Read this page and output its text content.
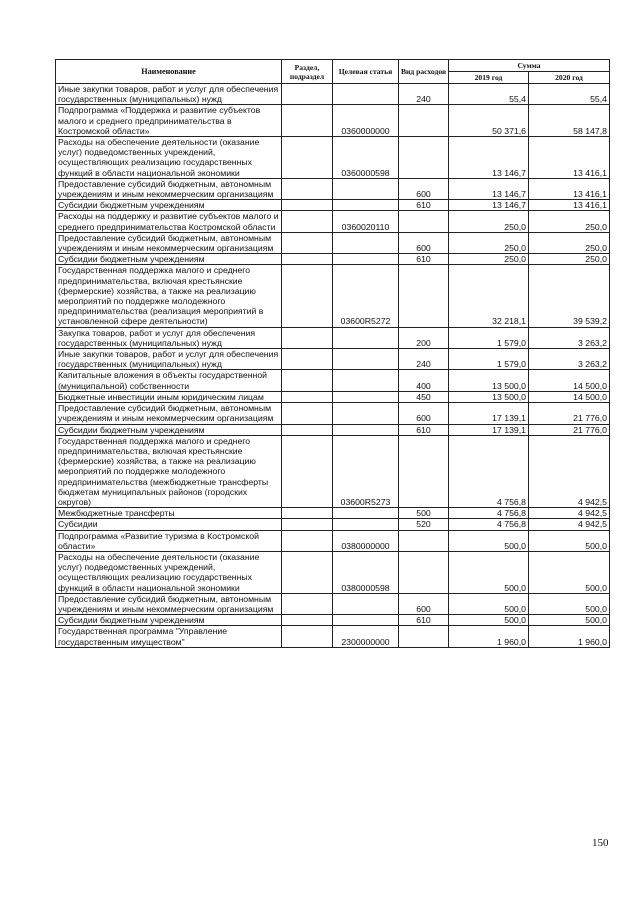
Наименование	Раздел, подраздел	Целевая статья	Вид расходов	Сумма	
				2019 год	2020 год
Иные закупки товаров, работ и услуг для обеспечения государственных (муниципальных) нужд			240	55,4	55,4
Подпрограмма «Поддержка и развитие субъектов малого и среднего предпринимательства в Костромской области»		0360000000		50 371,6	58 147,8
Расходы на обеспечение деятельности (оказание услуг) подведомственных учреждений, осуществляющих реализацию государственных функций в области национальной экономики		0360000598		13 146,7	13 416,1
Предоставление субсидий бюджетным, автономным учреждениям и иным некоммерческим организациям			600	13 146,7	13 416,1
Субсидии бюджетным учреждениям			610	13 146,7	13 416,1
Расходы на поддержку и развитие субъектов малого и среднего предпринимательства Костромской области		0360020110		250,0	250,0
Предоставление субсидий бюджетным, автономным учреждениям и иным некоммерческим организациям			600	250,0	250,0
Субсидии бюджетным учреждениям			610	250,0	250,0
Государственная поддержка малого и среднего предпринимательства, включая крестьянские (фермерские) хозяйства, а также на реализацию мероприятий по поддержке молодежного предпринимательства (реализация мероприятий в установленной сфере деятельности)		03600R5272		32 218,1	39 539,2
Закупка товаров, работ и услуг для обеспечения государственных (муниципальных) нужд			200	1 579,0	3 263,2
Иные закупки товаров, работ и услуг для обеспечения государственных (муниципальных) нужд			240	1 579,0	3 263,2
Капитальные вложения в объекты государственной (муниципальной) собственности			400	13 500,0	14 500,0
Бюджетные инвестиции иным юридическим лицам			450	13 500,0	14 500,0
Предоставление субсидий бюджетным, автономным учреждениям и иным некоммерческим организациям			600	17 139,1	21 776,0
Субсидии бюджетным учреждениям			610	17 139,1	21 776,0
Государственная поддержка малого и среднего предпринимательства, включая крестьянские (фермерские) хозяйства, а также на реализацию мероприятий по поддержке молодежного предпринимательства (межбюджетные трансферты бюджетам муниципальных районов (городских округов)		03600R5273		4 756,8	4 942,5
Межбюджетные трансферты			500	4 756,8	4 942,5
Субсидии			520	4 756,8	4 942,5
Подпрограмма «Развитие туризма в Костромской области»		0380000000		500,0	500,0
Расходы на обеспечение деятельности (оказание услуг) подведомственных учреждений, осуществляющих реализацию государственных функций в области национальной экономики		0380000598		500,0	500,0
Предоставление субсидий бюджетным, автономным учреждениям и иным некоммерческим организациям			600	500,0	500,0
Субсидии бюджетным учреждениям			610	500,0	500,0
Государственная программа "Управление государственным имуществом"		2300000000		1 960,0	1 960,0
150
